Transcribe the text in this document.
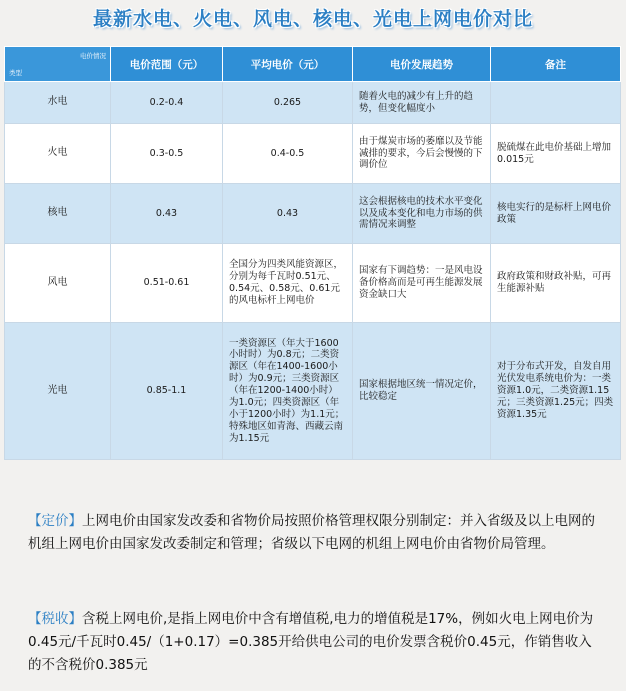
最新水电、火电、风电、核电、光电上网电价对比
电价情况
类型	电价范围（元）	平均电价（元）	电价发展趋势	备注
水电	0.2-0.4	0.265	随着火电的减少有上升的趋势，但变化幅度小	
火电	0.3-0.5	0.4-0.5	由于煤炭市场的萎靡以及节能减排的要求，今后会慢慢的下调价位	脱硫煤在此电价基础上增加0.015元
核电	0.43	0.43	这会根据核电的技术水平变化以及成本变化和电力市场的供需情况来调整	核电实行的是标杆上网电价政策
风电	0.51-0.61	全国分为四类风能资源区，分别为每千瓦时0.51元、0.54元、0.58元、0.61元的风电标杆上网电价	国家有下调趋势：一是风电设备价格高而是可再生能源发展资金缺口大	政府政策和财政补贴，可再生能源补贴
光电	0.85-1.1	一类资源区（年大于1600小时时）为0.8元；二类资源区（年在1400-1600小时）为0.9元；三类资源区（年在1200-1400小时）为1.0元；四类资源区（年小于1200小时）为1.1元；特殊地区如青海、西藏云南为1.15元	国家根据地区统一情况定价，比较稳定	对于分布式开发，自发自用光伏发电系统电价为：一类资源1.0元，二类资源1.15元；三类资源1.25元；四类资源1.35元
【定价】上网电价由国家发改委和省物价局按照价格管理权限分别制定：并入省级及以上电网的机组上网电价由国家发改委制定和管理；省级以下电网的机组上网电价由省物价局管理。
【税收】含税上网电价,是指上网电价中含有增值税,电力的增值税是17%，例如火电上网电价为0.45元/千瓦时0.45/（1+0.17）=0.385开给供电公司的电价发票含税价0.45元，作销售收入的不含税价0.385元
